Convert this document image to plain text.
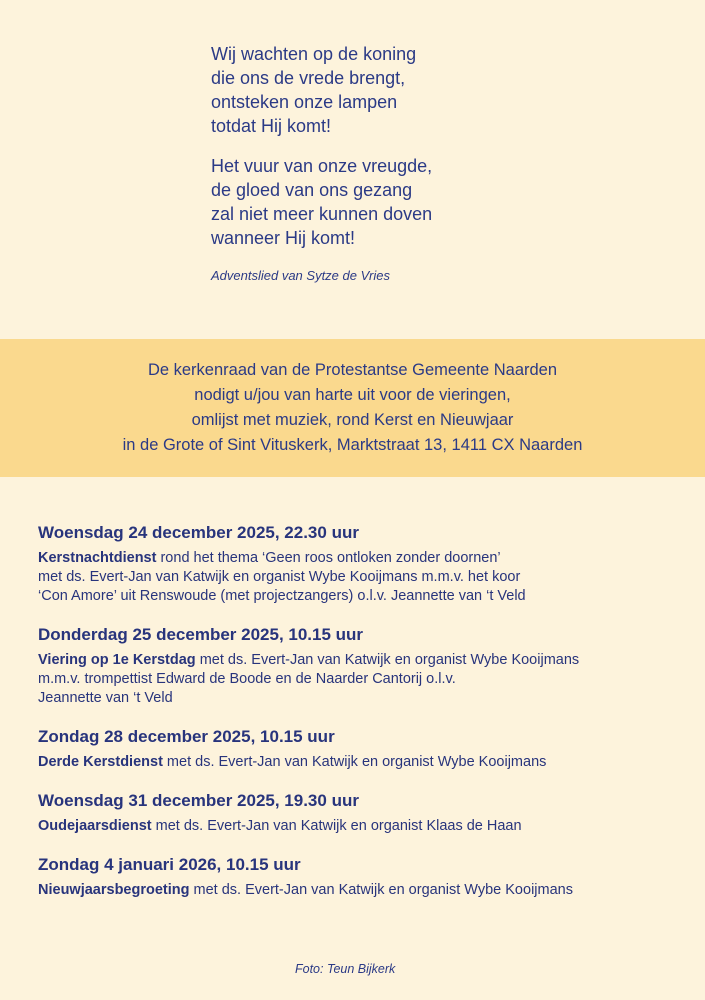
Wij wachten op de koning
die ons de vrede brengt,
ontsteken onze lampen
totdat Hij komt!
Het vuur van onze vreugde,
de gloed van ons gezang
zal niet meer kunnen doven
wanneer Hij komt!
Adventslied van Sytze de Vries
De kerkenraad van de Protestantse Gemeente Naarden
nodigt u/jou van harte uit voor de vieringen,
omlijst met muziek, rond Kerst en Nieuwjaar
in de Grote of Sint Vituskerk, Marktstraat 13, 1411 CX Naarden
Woensdag 24 december 2025, 22.30 uur
Kerstnachtdienst rond het thema ‘Geen roos ontloken zonder doornen’
met ds. Evert-Jan van Katwijk en organist Wybe Kooijmans m.m.v. het koor
‘Con Amore’ uit Renswoude (met projectzangers) o.l.v. Jeannette van ‘t Veld
Donderdag 25 december 2025, 10.15 uur
Viering op 1e Kerstdag met ds. Evert-Jan van Katwijk en organist Wybe Kooijmans
m.m.v. trompettist Edward de Boode en de Naarder Cantorij o.l.v.
Jeannette van ‘t Veld
Zondag 28 december 2025, 10.15 uur
Derde Kerstdienst met ds. Evert-Jan van Katwijk en organist Wybe Kooijmans
Woensdag 31 december 2025, 19.30 uur
Oudejaarsdienst met ds. Evert-Jan van Katwijk en organist Klaas de Haan
Zondag 4 januari 2026, 10.15 uur
Nieuwjaarsbegroeting met ds. Evert-Jan van Katwijk en organist Wybe Kooijmans
Foto: Teun Bijkerk
